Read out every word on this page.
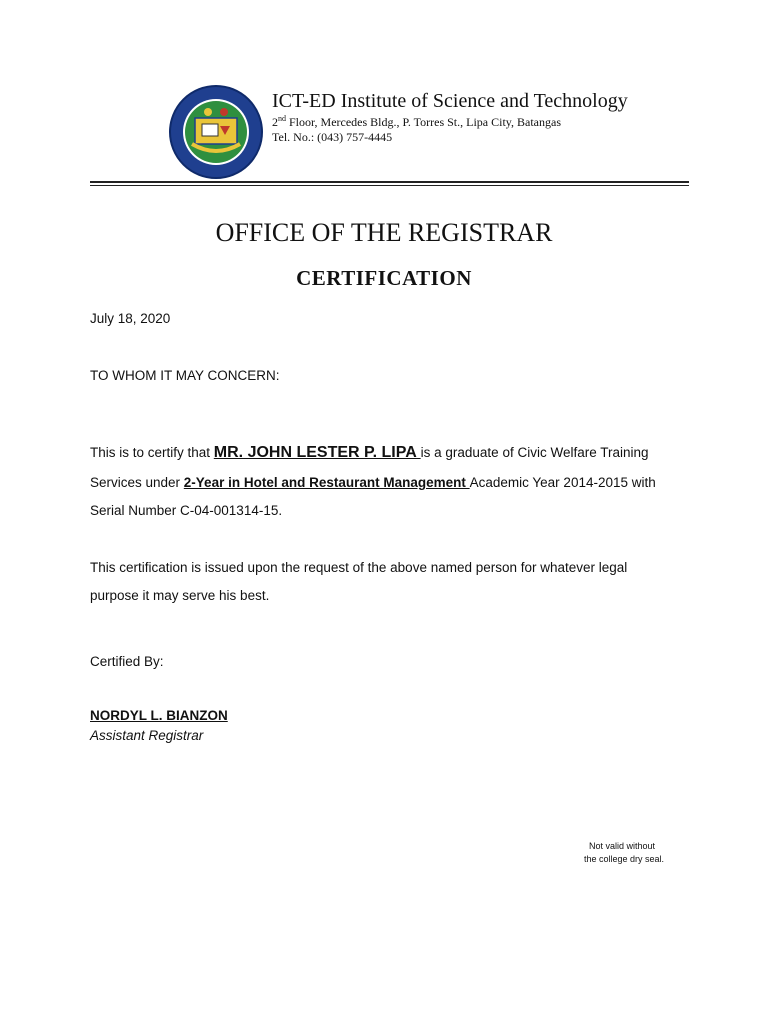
ICT-ED Institute of Science and Technology
2nd Floor, Mercedes Bldg., P. Torres St., Lipa City, Batangas
Tel. No.: (043) 757-4445
OFFICE OF THE REGISTRAR
CERTIFICATION
July 18, 2020
TO WHOM IT MAY CONCERN:
This is to certify that MR. JOHN LESTER P. LIPA is a graduate of Civic Welfare Training
Services under 2-Year in Hotel and Restaurant Management Academic Year 2014-2015 with
Serial Number C-04-001314-15.
This certification is issued upon the request of the above named person for whatever legal
purpose it may serve his best.
Certified By:
NORDYL L. BIANZON
Assistant Registrar
Not valid without
the college dry seal.
